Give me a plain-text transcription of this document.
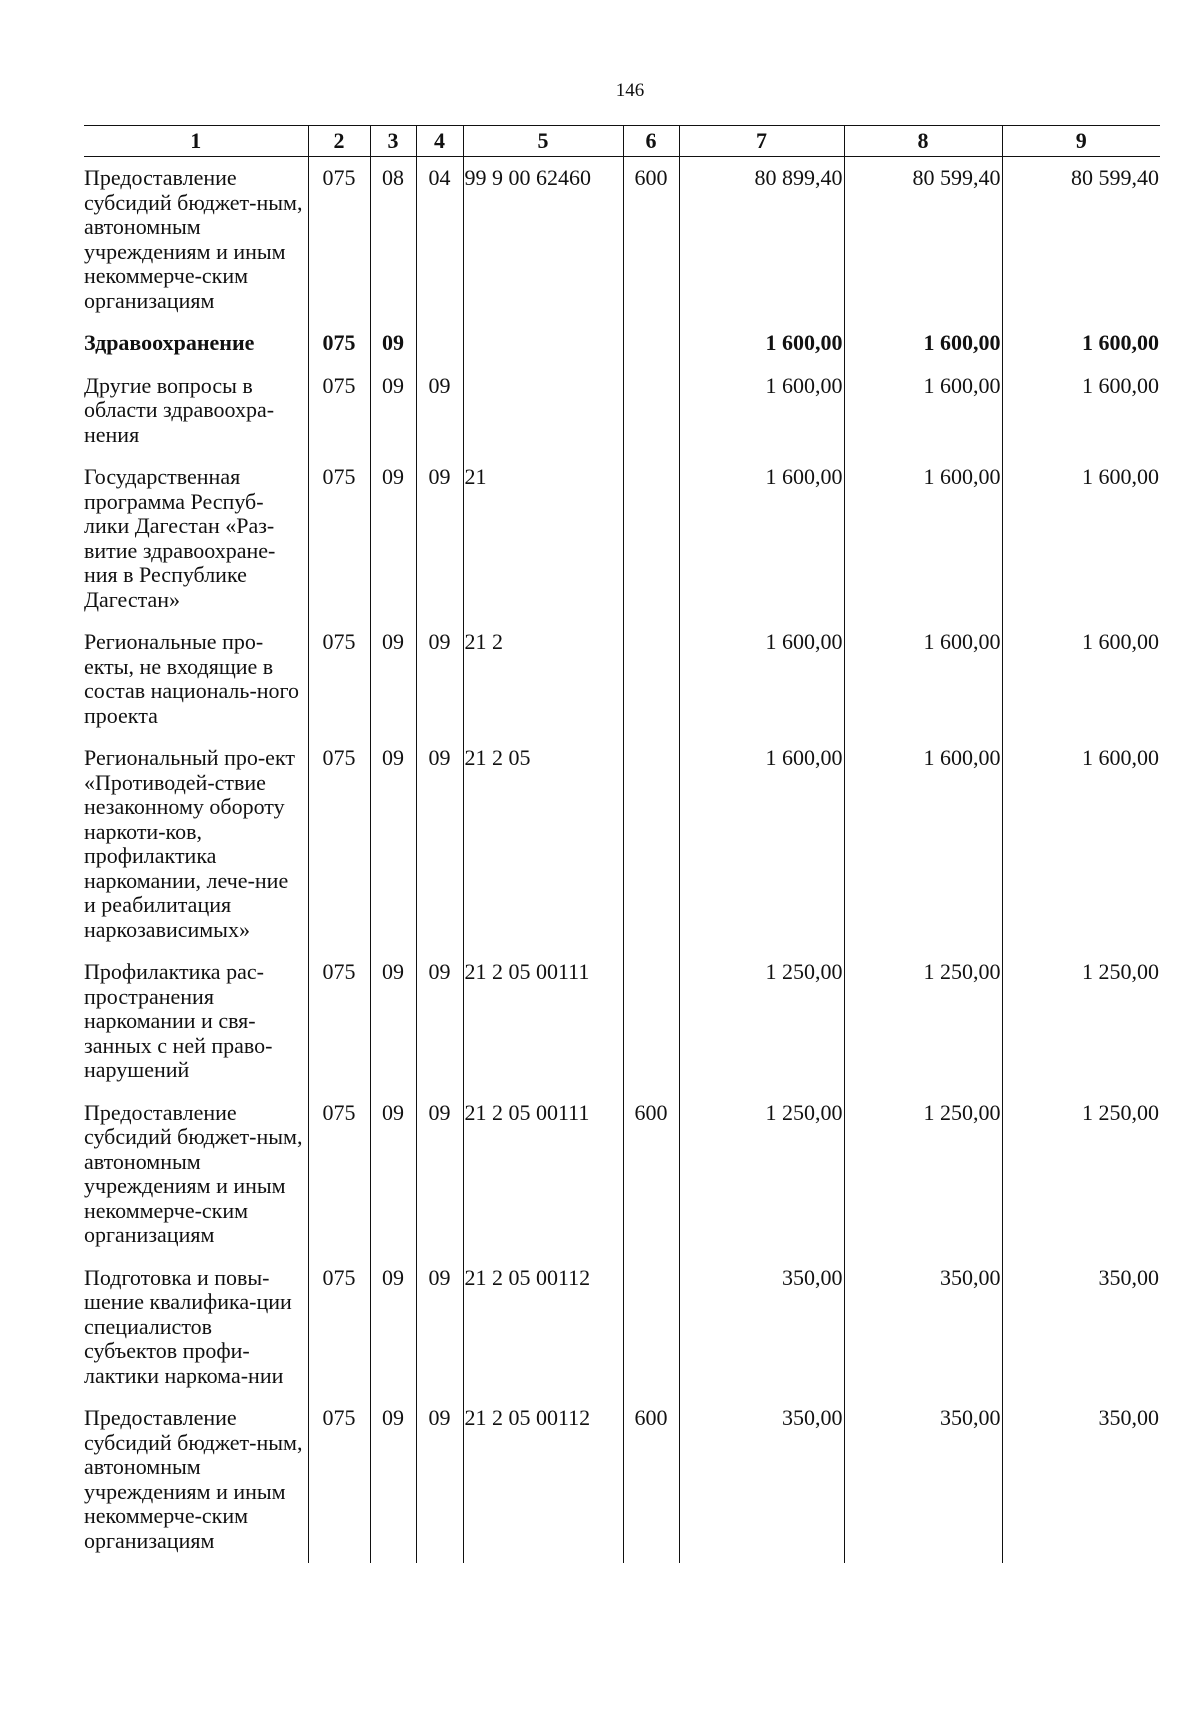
146
1	2	3	4	5	6	7	8	9
Предоставление субсидий бюджет-ным, автономным учреждениям и иным некоммерче-ским организациям	075	08	04	99 9 00 62460	600	80 899,40	80 599,40	80 599,40
Здравоохранение	075	09				1 600,00	1 600,00	1 600,00
Другие вопросы в области здравоохра-нения	075	09	09			1 600,00	1 600,00	1 600,00
Государственная программа Респуб-лики Дагестан «Раз-витие здравоохране-ния в Республике Дагестан»	075	09	09	21		1 600,00	1 600,00	1 600,00
Региональные про-екты, не входящие в состав националь-ного проекта	075	09	09	21 2		1 600,00	1 600,00	1 600,00
Региональный про-ект «Противодей-ствие незаконному обороту наркоти-ков, профилактика наркомании, лече-ние и реабилитация наркозависимых»	075	09	09	21 2 05		1 600,00	1 600,00	1 600,00
Профилактика рас-пространения наркомании и свя-занных с ней право-нарушений	075	09	09	21 2 05 00111		1 250,00	1 250,00	1 250,00
Предоставление субсидий бюджет-ным, автономным учреждениям и иным некоммерче-ским организациям	075	09	09	21 2 05 00111	600	1 250,00	1 250,00	1 250,00
Подготовка и повы-шение квалифика-ции специалистов субъектов профи-лактики наркома-нии	075	09	09	21 2 05 00112		350,00	350,00	350,00
Предоставление субсидий бюджет-ным, автономным учреждениям и иным некоммерче-ским организациям	075	09	09	21 2 05 00112	600	350,00	350,00	350,00
